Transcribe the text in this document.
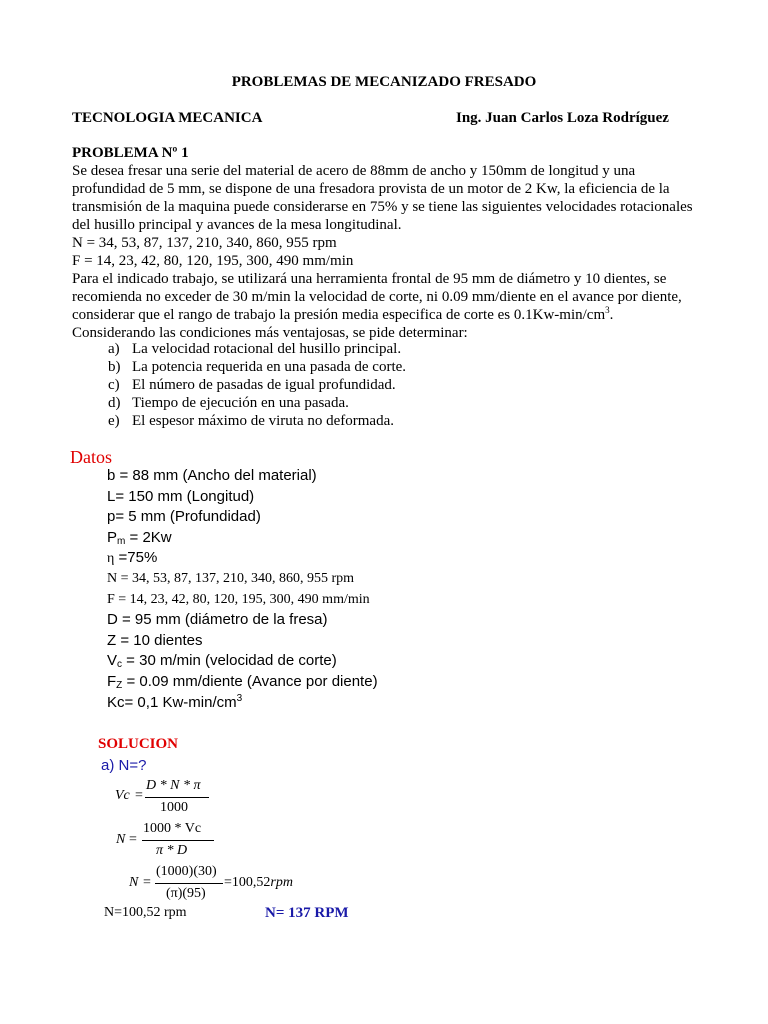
PROBLEMAS DE MECANIZADO FRESADO
TECNOLOGIA MECANICA	Ing. Juan Carlos Loza Rodríguez
PROBLEMA Nº 1

Se desea fresar una serie del material de acero de 88mm de ancho y 150mm de longitud y una

profundidad de 5 mm, se dispone de una fresadora provista de un motor de 2 Kw, la eficiencia de la

transmisión de la maquina puede considerarse en 75% y se tiene las siguientes velocidades rotacionales

del husillo principal y avances de la mesa longitudinal.

N = 34, 53, 87, 137, 210, 340, 860, 955 rpm

F = 14, 23, 42, 80, 120, 195, 300, 490 mm/min

Para el indicado trabajo, se utilizará una herramienta frontal de 95 mm de diámetro y 10 dientes, se

recomienda no exceder de 30 m/min la velocidad de corte, ni 0.09 mm/diente en el avance por diente,

considerar que el rango de trabajo la presión media especifica de corte es $0.1Kw-\min/cm^3$.

Considerando las condiciones más ventajosas, se pide determinar:

a) La velocidad rotacional del husillo principal.
b) La potencia requerida en una pasada de corte.
c) El número de pasadas de igual profundidad.
d) Tiempo de ejecución en una pasada.
e) El espesor máximo de viruta no deformada.
Datos
b = 88 mm (Ancho del material)
L= 150 mm (Longitud)
p= 5 mm (Profundidad)
Pm = 2Kw
η =75%
N = 34, 53, 87, 137, 210, 340, 860, 955 rpm
F = 14, 23, 42, 80, 120, 195, 300, 490 mm/min
D = 95 mm (diámetro de la fresa)
Z = 10 dientes
Vc = 30 m/min (velocidad de corte)
FZ = 0.09 mm/diente (Avance por diente)
Kc= 0,1 $Kw-\min/cm^3$
SOLUCION
a) N=?
Vc =
D * N * π
1000
N =
1000 * Vc
π * D
N =
(1000)(30)
(π)(95)
=100,52rpm
N=100,52 rpm	N= 137 RPM
